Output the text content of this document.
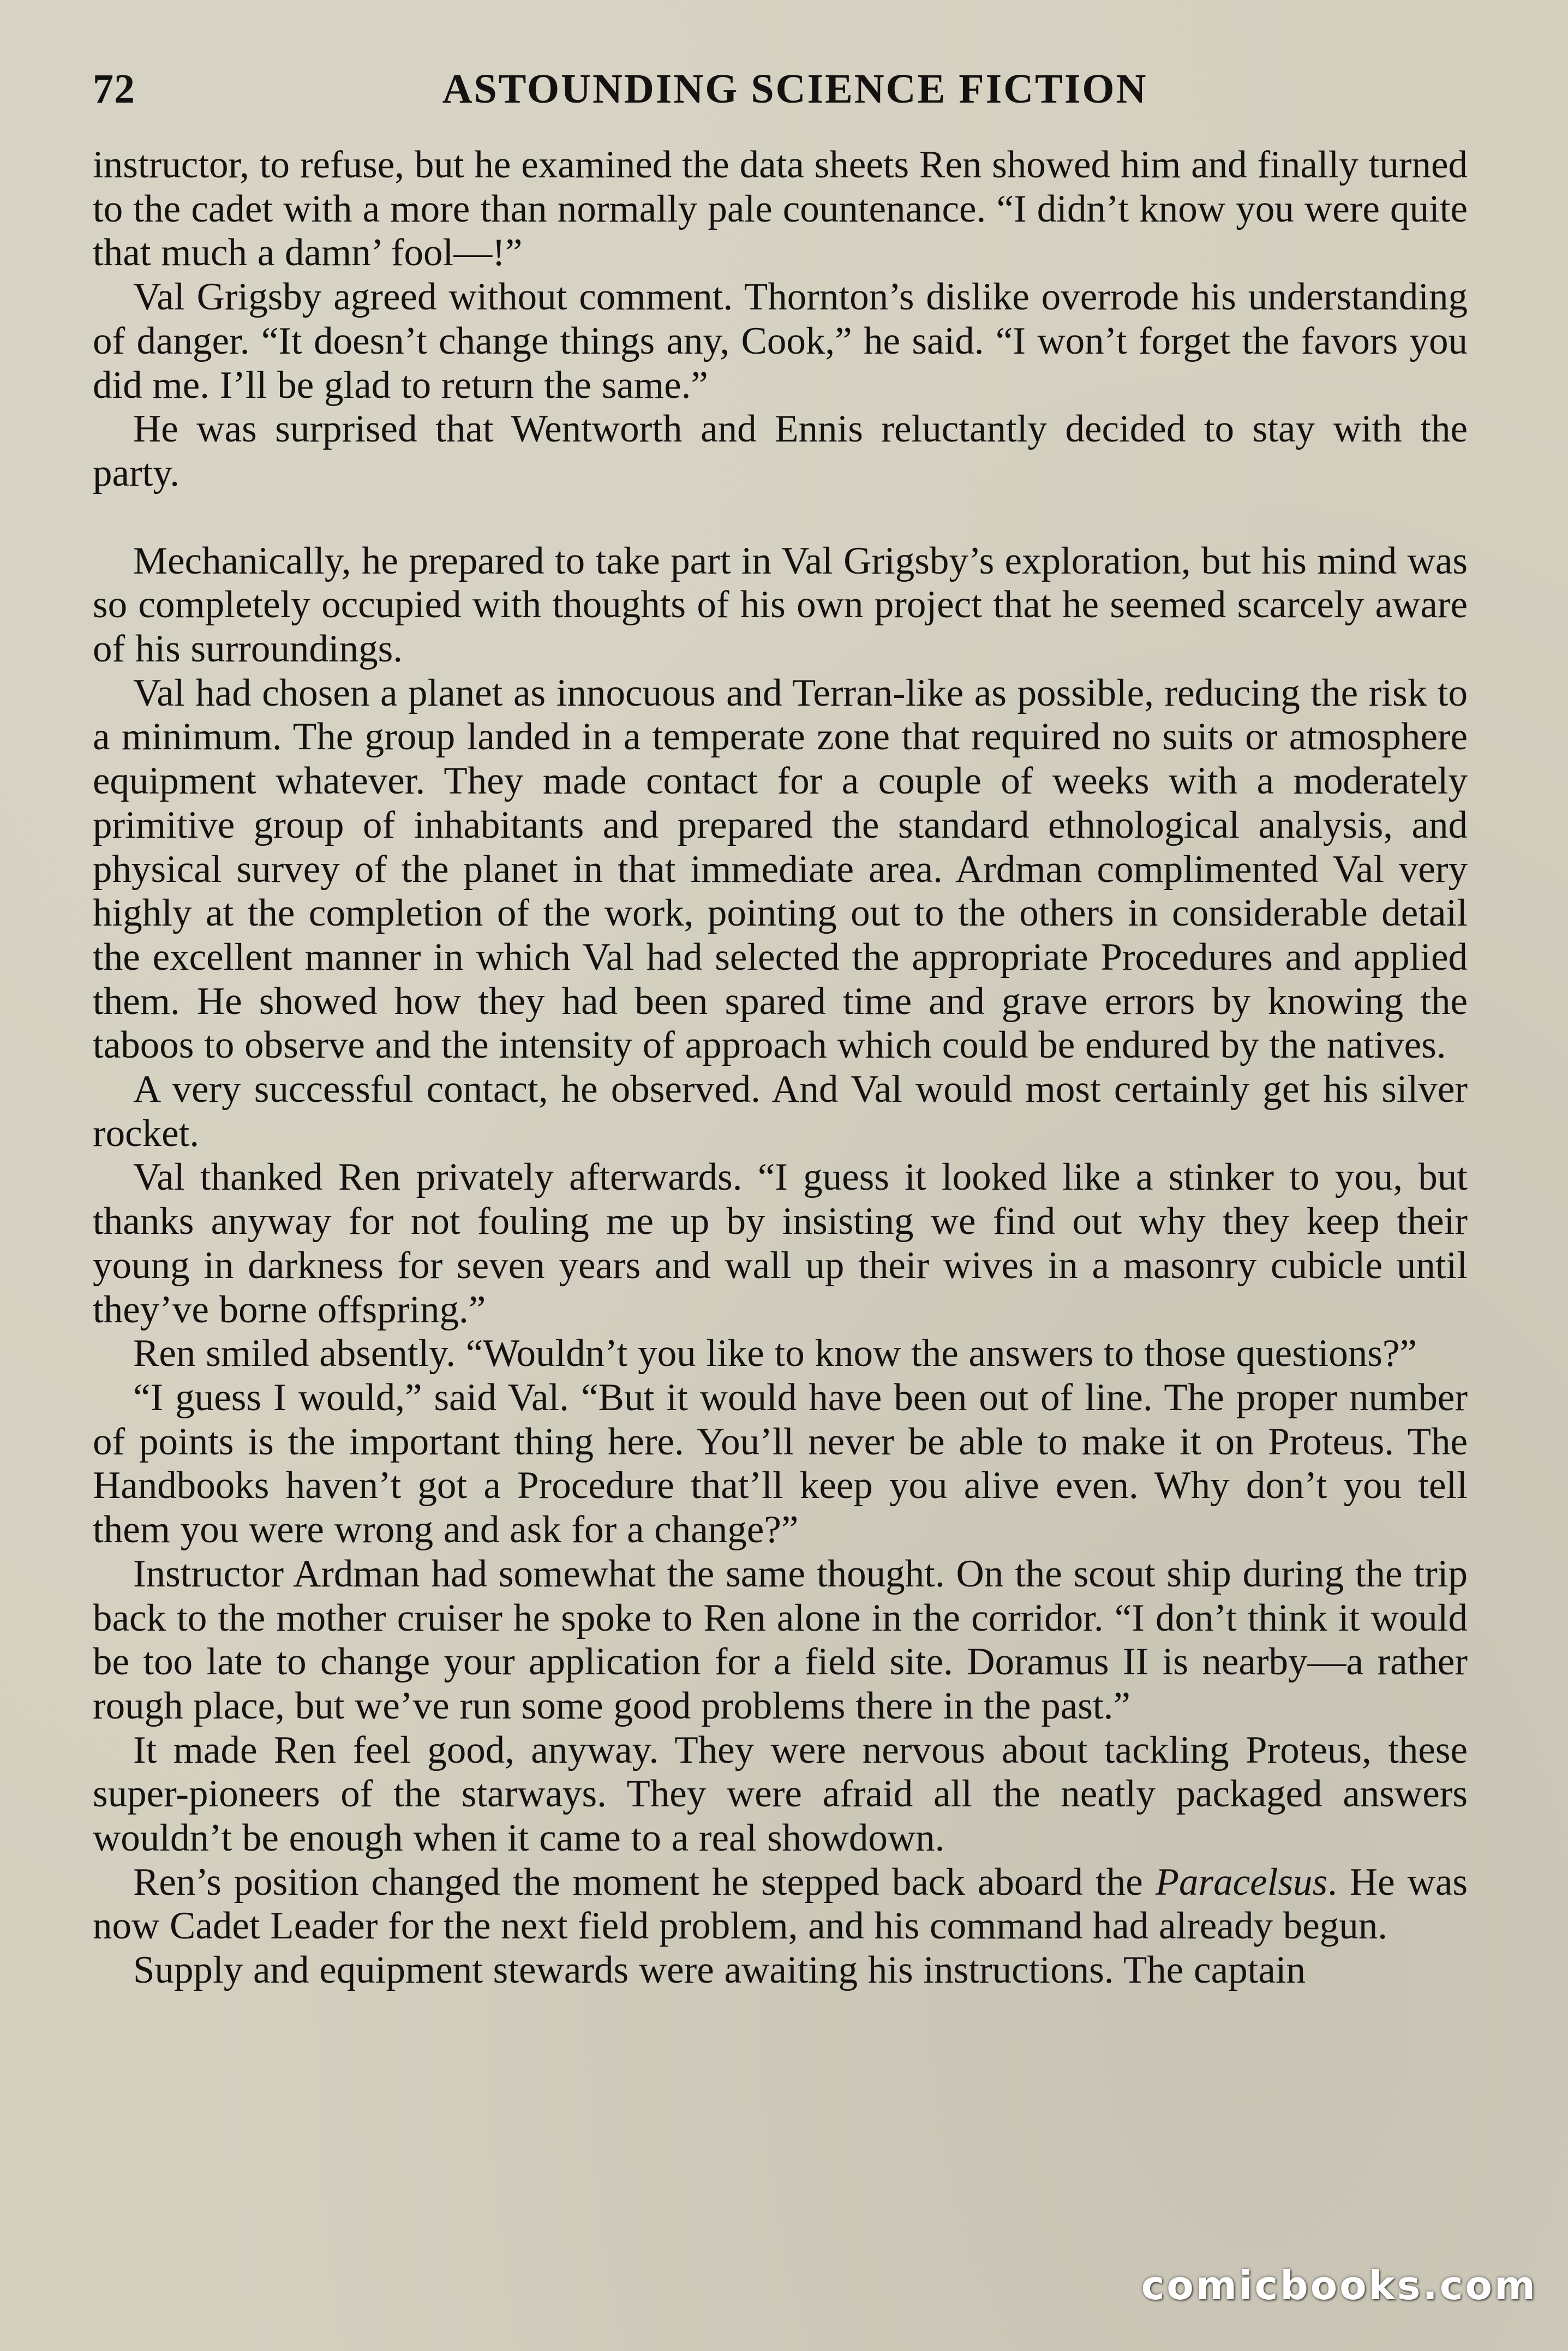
72	ASTOUNDING SCIENCE FICTION

instructor, to refuse, but he examined the data sheets Ren showed him and finally turned to the cadet with a more than normally pale countenance. “I didn’t know you were quite that much a damn’ fool—!”

Val Grigsby agreed without comment. Thornton’s dislike overrode his understanding of danger. “It doesn’t change things any, Cook,” he said. “I won’t forget the favors you did me. I’ll be glad to return the same.”

He was surprised that Wentworth and Ennis reluctantly decided to stay with the party.

Mechanically, he prepared to take part in Val Grigsby’s exploration, but his mind was so completely occupied with thoughts of his own project that he seemed scarcely aware of his surroundings.

Val had chosen a planet as innocuous and Terran-like as possible, reducing the risk to a minimum. The group landed in a temperate zone that required no suits or atmosphere equipment whatever. They made contact for a couple of weeks with a moderately primitive group of inhabitants and prepared the standard ethnological analysis, and physical survey of the planet in that immediate area. Ardman complimented Val very highly at the completion of the work, pointing out to the others in considerable detail the excellent manner in which Val had selected the appropriate Procedures and applied them. He showed how they had been spared time and grave errors by knowing the taboos to observe and the intensity of approach which could be endured by the natives.

A very successful contact, he observed. And Val would most certainly get his silver rocket.

Val thanked Ren privately afterwards. “I guess it looked like a stinker to you, but thanks anyway for not fouling me up by insisting we find out why they keep their young in darkness for seven years and wall up their wives in a masonry cubicle until they’ve borne offspring.”

Ren smiled absently. “Wouldn’t you like to know the answers to those questions?”

“I guess I would,” said Val. “But it would have been out of line. The proper number of points is the important thing here. You’ll never be able to make it on Proteus. The Handbooks haven’t got a Procedure that’ll keep you alive even. Why don’t you tell them you were wrong and ask for a change?”

Instructor Ardman had somewhat the same thought. On the scout ship during the trip back to the mother cruiser he spoke to Ren alone in the corridor. “I don’t think it would be too late to change your application for a field site. Doramus II is nearby—a rather rough place, but we’ve run some good problems there in the past.”

It made Ren feel good, anyway. They were nervous about tackling Proteus, these super-pioneers of the starways. They were afraid all the neatly packaged answers wouldn’t be enough when it came to a real showdown.

Ren’s position changed the moment he stepped back aboard the Paracelsus. He was now Cadet Leader for the next field problem, and his command had already begun.

Supply and equipment stewards were awaiting his instructions. The captain

comicbooks.com
